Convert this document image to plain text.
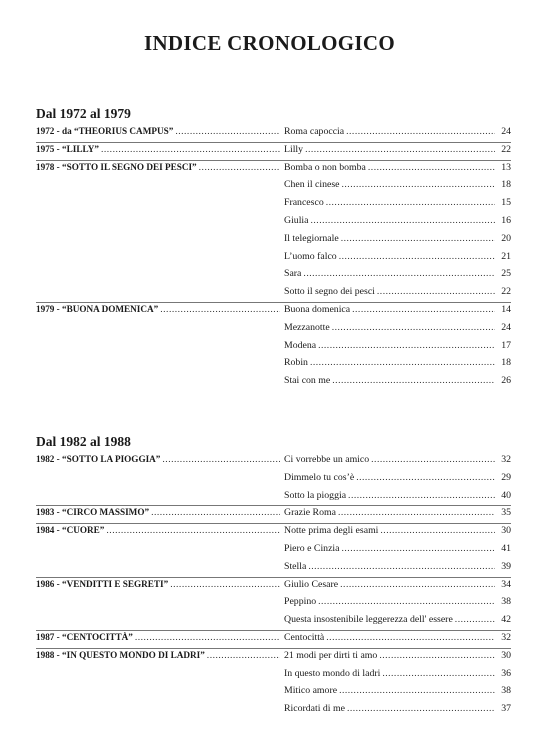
INDICE CRONOLOGICO
Dal 1972 al 1979
1972 - da “THEORIUS CAMPUS” .....	Roma capoccia .....	24
1975 - “LILLY” .....	Lilly .....	22
1978 - “SOTTO IL SEGNO DEI PESCI” .....	Bomba o non bomba .....	13
Chen il cinese .....	18
Francesco .....	15
Giulia .....	16
Il telegiornale .....	20
L’uomo falco .....	21
Sara .....	25
Sotto il segno dei pesci .....	22
1979 - “BUONA DOMENICA” .....	Buona domenica .....	14
Mezzanotte .....	24
Modena .....	17
Robin .....	18
Stai con me .....	26
Dal 1982 al 1988
1982 - “SOTTO LA PIOGGIA” .....	Ci vorrebbe un amico .....	32
Dimmelo tu cos’è .....	29
Sotto la pioggia .....	40
1983 - “CIRCO MASSIMO” .....	Grazie Roma .....	35
1984 - “CUORE” .....	Notte prima degli esami .....	30
Piero e Cinzia .....	41
Stella .....	39
1986 - “VENDITTI E SEGRETI” .....	Giulio Cesare .....	34
Peppino .....	38
Questa insostenibile leggerezza dell' essere .....	42
1987 - “CENTOCITTÀ” .....	Centocittà .....	32
1988 - “IN QUESTO MONDO DI LADRI” .....	21 modi per dirti ti amo .....	30
In questo mondo di ladri .....	36
Mitico amore .....	38
Ricordati di me .....	37
